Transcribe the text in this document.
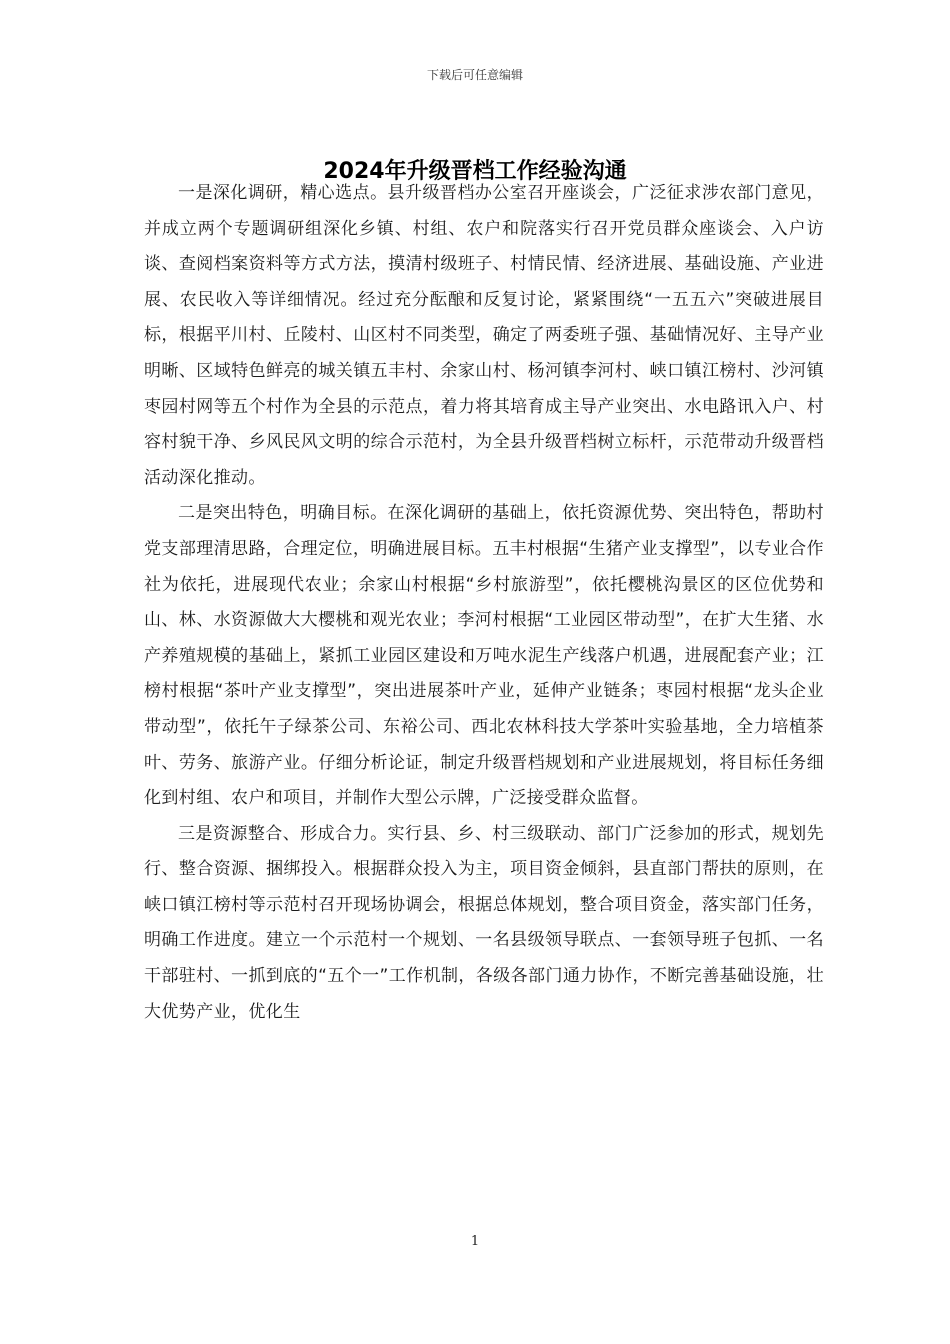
下载后可任意编辑
2024年升级晋档工作经验沟通

一是深化调研，精心选点。县升级晋档办公室召开座谈会，广泛征求涉农部门意见，并成立两个专题调研组深化乡镇、村组、农户和院落实行召开党员群众座谈会、入户访谈、查阅档案资料等方式方法，摸清村级班子、村情民情、经济进展、基础设施、产业进展、农民收入等详细情况。经过充分酝酿和反复讨论，紧紧围绕“一五五六”突破进展目标，根据平川村、丘陵村、山区村不同类型，确定了两委班子强、基础情况好、主导产业明晰、区域特色鲜亮的城关镇五丰村、余家山村、杨河镇李河村、峡口镇江榜村、沙河镇枣园村网等五个村作为全县的示范点，着力将其培育成主导产业突出、水电路讯入户、村容村貌干净、乡风民风文明的综合示范村，为全县升级晋档树立标杆，示范带动升级晋档活动深化推动。

二是突出特色，明确目标。在深化调研的基础上，依托资源优势、突出特色，帮助村党支部理清思路，合理定位，明确进展目标。五丰村根据“生猪产业支撑型”，以专业合作社为依托，进展现代农业；余家山村根据“乡村旅游型”，依托樱桃沟景区的区位优势和山、林、水资源做大大樱桃和观光农业；李河村根据“工业园区带动型”，在扩大生猪、水产养殖规模的基础上，紧抓工业园区建设和万吨水泥生产线落户机遇，进展配套产业；江榜村根据“茶叶产业支撑型”，突出进展茶叶产业，延伸产业链条；枣园村根据“龙头企业带动型”，依托午子绿茶公司、东裕公司、西北农林科技大学茶叶实验基地，全力培植茶叶、劳务、旅游产业。仔细分析论证，制定升级晋档规划和产业进展规划，将目标任务细化到村组、农户和项目，并制作大型公示牌，广泛接受群众监督。

三是资源整合、形成合力。实行县、乡、村三级联动、部门广泛参加的形式，规划先行、整合资源、捆绑投入。根据群众投入为主，项目资金倾斜，县直部门帮扶的原则，在峡口镇江榜村等示范村召开现场协调会，根据总体规划，整合项目资金，落实部门任务，明确工作进度。建立一个示范村一个规划、一名县级领导联点、一套领导班子包抓、一名干部驻村、一抓到底的“五个一”工作机制，各级各部门通力协作，不断完善基础设施，壮大优势产业，优化生

1
